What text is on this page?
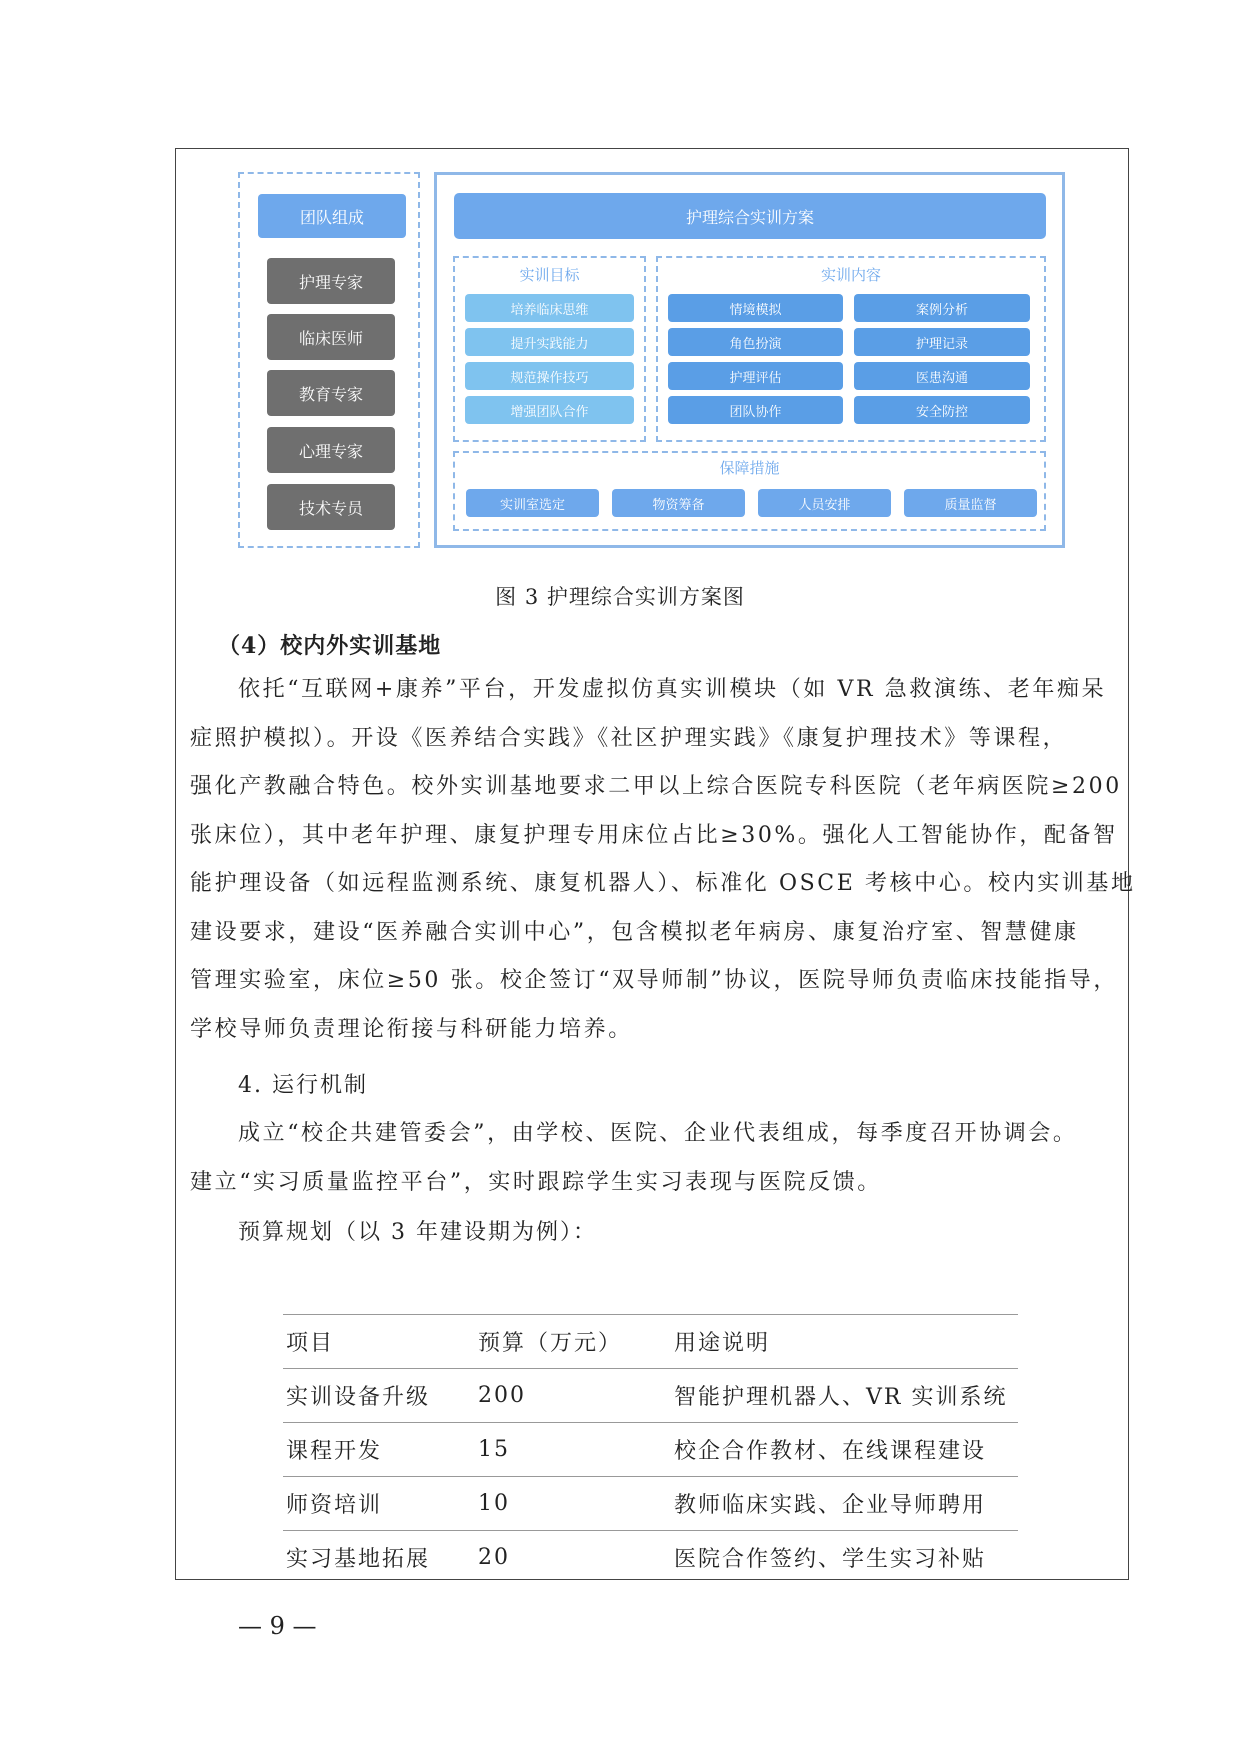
团队组成
护理专家
临床医师
教育专家
心理专家
技术专员
护理综合实训方案
实训目标
培养临床思维
提升实践能力
规范操作技巧
增强团队合作
实训内容
情境模拟	案例分析
角色扮演	护理记录
护理评估	医患沟通
团队协作	安全防控
保障措施
实训室选定	物资筹备	人员安排	质量监督
图 3 护理综合实训方案图
（4）校内外实训基地
依托“互联网+康养”平台，开发虚拟仿真实训模块（如 VR 急救演练、老年痴呆
症照护模拟）。开设《医养结合实践》《社区护理实践》《康复护理技术》等课程，
强化产教融合特色。校外实训基地要求二甲以上综合医院专科医院（老年病医院≥200
张床位），其中老年护理、康复护理专用床位占比≥30%。强化人工智能协作，配备智
能护理设备（如远程监测系统、康复机器人）、标准化 OSCE 考核中心。校内实训基地
建设要求，建设“医养融合实训中心”，包含模拟老年病房、康复治疗室、智慧健康
管理实验室，床位≥50 张。校企签订“双导师制”协议，医院导师负责临床技能指导，
学校导师负责理论衔接与科研能力培养。
4. 运行机制
成立“校企共建管委会”，由学校、医院、企业代表组成，每季度召开协调会。
建立“实习质量监控平台”，实时跟踪学生实习表现与医院反馈。
预算规划（以 3 年建设期为例）：
项目	预算（万元）	用途说明
实训设备升级	200	智能护理机器人、VR 实训系统
课程开发	15	校企合作教材、在线课程建设
师资培训	10	教师临床实践、企业导师聘用
实习基地拓展	20	医院合作签约、学生实习补贴
— 9 —
